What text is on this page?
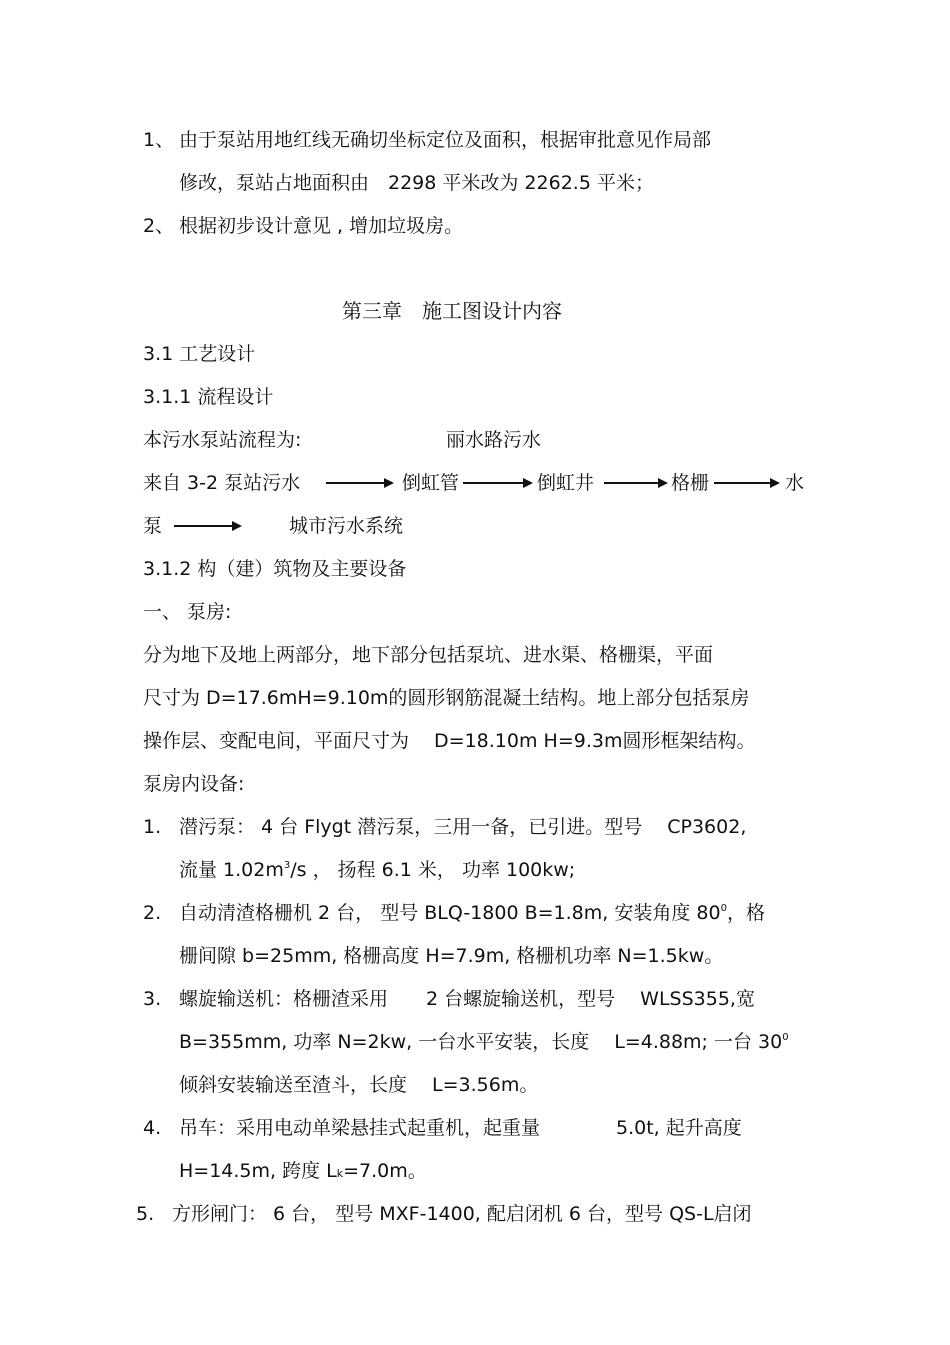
1、 由于泵站用地红线无确切坐标定位及面积，根据审批意见作局部
修改，泵站占地面积由　2298 平米改为 2262.5 平米；
2、 根据初步设计意见 , 增加垃圾房。
第三章　施工图设计内容
3.1 工艺设计
3.1.1 流程设计
本污水泵站流程为:	丽水路污水
来自 3-2 泵站污水	倒虹管	倒虹井	格栅	水
泵	城市污水系统
3.1.2 构（建）筑物及主要设备
一、 泵房:
分为地下及地上两部分，地下部分包括泵坑、进水渠、格栅渠，平面
尺寸为 D=17.6mH=9.10m的圆形钢筋混凝土结构。地上部分包括泵房
操作层、变配电间，平面尺寸为　 D=18.10m H=9.3m圆形框架结构。
泵房内设备:
1. 潜污泵： 4 台 Flygt 潜污泵，三用一备，已引进。型号　 CP3602,
流量 $1.02m^3/s$ ， 扬程 6.1 米， 功率 100kw;
2. 自动清渣格栅机 2 台， 型号 BLQ-1800 B=1.8m, 安装角度 $80^0$，格
栅间隙 b=25mm, 格栅高度 H=7.9m, 格栅机功率 N=1.5kw。
3. 螺旋输送机：格栅渣采用　　2 台螺旋输送机，型号　 WLSS355,宽
B=355mm, 功率 N=2kw, 一台水平安装，长度　 L=4.88m; 一台 $30^0$
倾斜安装输送至渣斗，长度　 L=3.56m。
4. 吊车：采用电动单梁悬挂式起重机，起重量　　　　5.0t, 起升高度
H=14.5m, 跨度 Lk=7.0m。
5. 方形闸门： 6 台， 型号 MXF-1400, 配启闭机 6 台，型号 QS-L启闭
